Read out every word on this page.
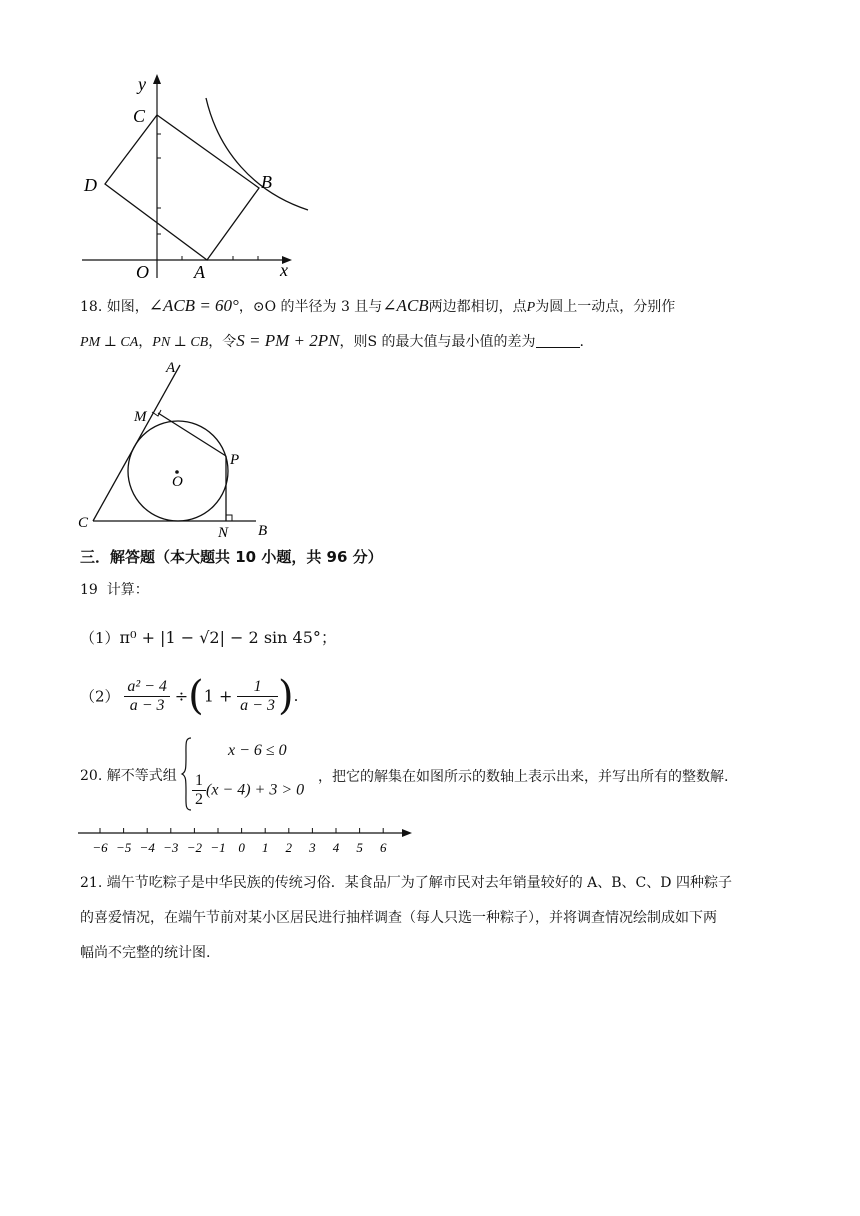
y
x
C
D	B
O	A
18. 如图，∠ACB = 60°，⊙O 的半径为 3 且与∠ACB两边都相切，点P为圆上一动点，分别作
PM ⊥ CA，PN ⊥ CB，令S = PM + 2PN，则S 的最大值与最小值的差为	.
A
M
P
O
C
N B
三．解答题（本大题共 10 小题，共 96 分）
19 计算：
（1）π⁰ + |1 − √2| − 2 sin 45°；
$(2) \frac{\text{a² − 4}}{a - 3} \div(1 + \frac{1}{a - 3}$ ).
20. 解不等式组
x − 6 ≤ 0
$\frac{1}{2} (x - 4) + 3 > 0$
，把它的解集在如图所示的数轴上表示出来，并写出所有的整数解.
−6 −5 −4 −3 −2 −1 0 1 2 3 4 5 6
21. 端午节吃粽子是中华民族的传统习俗．某食品厂为了解市民对去年销量较好的 A、B、C、D 四种粽子
的喜爱情况，在端午节前对某小区居民进行抽样调查（每人只选一种粽子），并将调查情况绘制成如下两
幅尚不完整的统计图.
